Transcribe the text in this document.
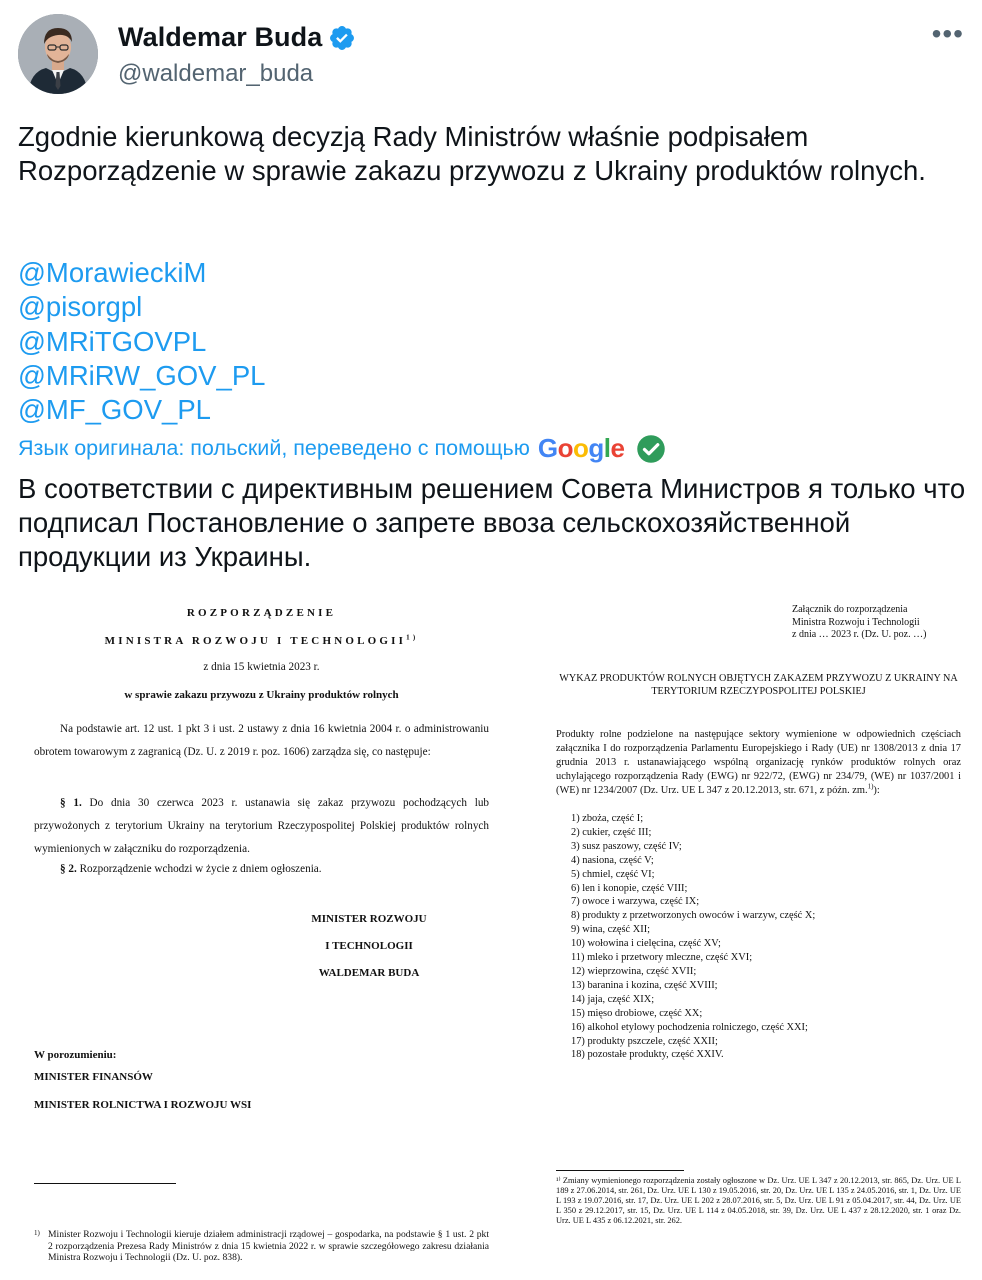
Waldemar Buda
@waldemar_buda
•••

Zgodnie kierunkową decyzją Rady Ministrów właśnie podpisałem Rozporządzenie w sprawie zakazu przywozu z Ukrainy produktów rolnych.

@MorawieckiM
@pisorgpl
@MRiTGOVPL
@MRiRW_GOV_PL
@MF_GOV_PL
Язык оригинала: польский, переведено с помощью Google

В соответствии с директивным решением Совета Министров я только что подписал Постановление о запрете ввоза сельскохозяйственной продукции из Украины.

ROZPORZĄDZENIE
MINISTRA ROZWOJU I TECHNOLOGII$^{1)}$
z dnia 15 kwietnia 2023 r.
w sprawie zakazu przywozu z Ukrainy produktów rolnych

Na podstawie art. 12 ust. 1 pkt 3 i ust. 2 ustawy z dnia 16 kwietnia 2004 r. o administrowaniu obrotem towarowym z zagranicą (Dz. U. z 2019 r. poz. 1606) zarządza się, co następuje:

§ 1. Do dnia 30 czerwca 2023 r. ustanawia się zakaz przywozu pochodzących lub przywożonych z terytorium Ukrainy na terytorium Rzeczypospolitej Polskiej produktów rolnych wymienionych w załączniku do rozporządzenia.

§ 2. Rozporządzenie wchodzi w życie z dniem ogłoszenia.

MINISTER ROZWOJU
I TECHNOLOGII
WALDEMAR BUDA
W porozumieniu:
MINISTER FINANSÓW
MINISTER ROLNICTWA I ROZWOJU WSI
1) Minister Rozwoju i Technologii kieruje działem administracji rządowej – gospodarka, na podstawie § 1 ust. 2 pkt 2 rozporządzenia Prezesa Rady Ministrów z dnia 15 kwietnia 2022 r. w sprawie szczegółowego zakresu działania Ministra Rozwoju i Technologii (Dz. U. poz. 838).
Załącznik do rozporządzenia
Ministra Rozwoju i Technologii
z dnia … 2023 r. (Dz. U. poz. …)
WYKAZ PRODUKTÓW ROLNYCH OBJĘTYCH ZAKAZEM PRZYWOZU Z UKRAINY NA TERYTORIUM RZECZYPOSPOLITEJ POLSKIEJ

Produkty rolne podzielone na następujące sektory wymienione w odpowiednich częściach załącznika I do rozporządzenia Parlamentu Europejskiego i Rady (UE) nr 1308/2013 z dnia 17 grudnia 2013 r. ustanawiającego wspólną organizację rynków produktów rolnych oraz uchylającego rozporządzenia Rady (EWG) nr 922/72, (EWG) nr 234/79, (WE) nr 1037/2001 i (WE) nr 1234/2007 (Dz. Urz. UE L 347 z 20.12.2013, str. 671, z późn. zm.$^{1)}$):

1) zboża, część I;
2) cukier, część III;
3) susz paszowy, część IV;
4) nasiona, część V;
5) chmiel, część VI;
6) len i konopie, część VIII;
7) owoce i warzywa, część IX;
8) produkty z przetworzonych owoców i warzyw, część X;
9) wina, część XII;
10) wołowina i cielęcina, część XV;
11) mleko i przetwory mleczne, część XVI;
12) wieprzowina, część XVII;
13) baranina i kozina, część XVIII;
14) jaja, część XIX;
15) mięso drobiowe, część XX;
16) alkohol etylowy pochodzenia rolniczego, część XXI;
17) produkty pszczele, część XXII;
18) pozostałe produkty, część XXIV.

¹⁾ Zmiany wymienionego rozporządzenia zostały ogłoszone w Dz. Urz. UE L 347 z 20.12.2013, str. 865, Dz. Urz. UE L 189 z 27.06.2014, str. 261, Dz. Urz. UE L 130 z 19.05.2016, str. 20, Dz. Urz. UE L 135 z 24.05.2016, str. 1, Dz. Urz. UE L 193 z 19.07.2016, str. 17, Dz. Urz. UE L 202 z 28.07.2016, str. 5, Dz. Urz. UE L 91 z 05.04.2017, str. 44, Dz. Urz. UE L 350 z 29.12.2017, str. 15, Dz. Urz. UE L 114 z 04.05.2018, str. 39, Dz. Urz. UE L 437 z 28.12.2020, str. 1 oraz Dz. Urz. UE L 435 z 06.12.2021, str. 262.
